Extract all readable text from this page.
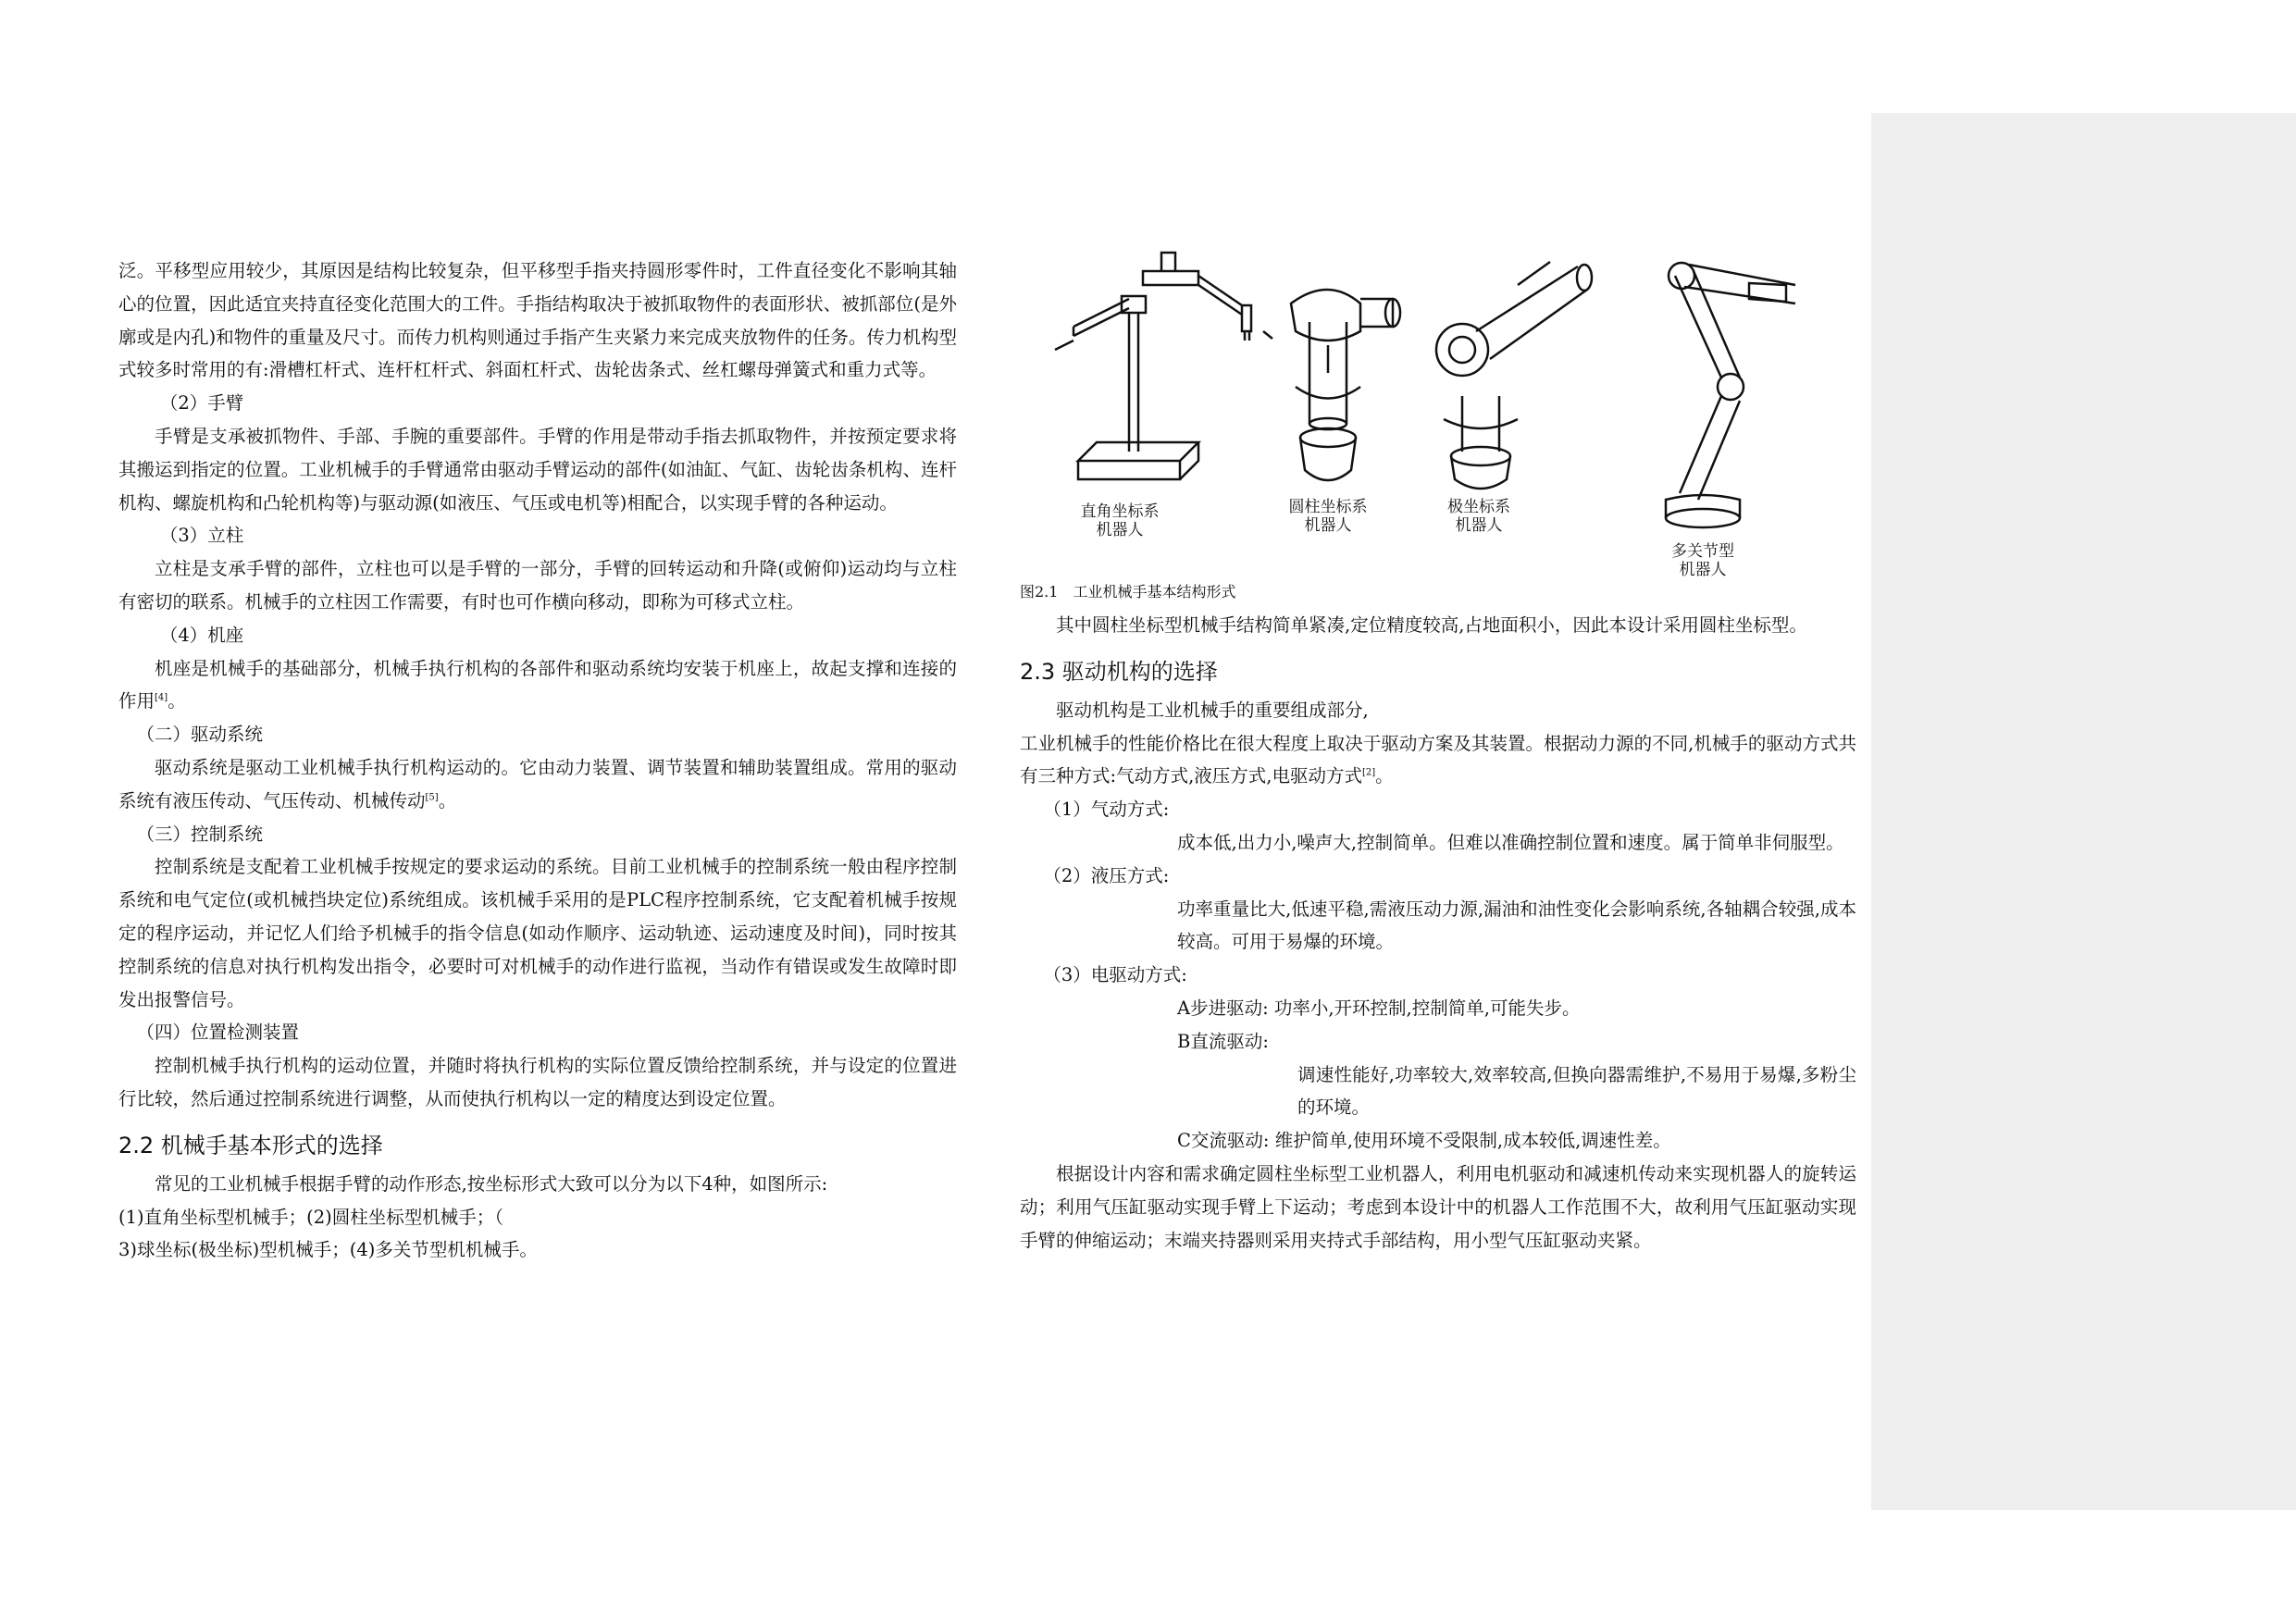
泛。平移型应用较少，其原因是结构比较复杂，但平移型手指夹持圆形零件时，工件直径变化不影响其轴心的位置，因此适宜夹持直径变化范围大的工件。手指结构取决于被抓取物件的表面形状、被抓部位(是外廓或是内孔)和物件的重量及尺寸。而传力机构则通过手指产生夹紧力来完成夹放物件的任务。传力机构型式较多时常用的有:滑槽杠杆式、连杆杠杆式、斜面杠杆式、齿轮齿条式、丝杠螺母弹簧式和重力式等。

（2）手臂

手臂是支承被抓物件、手部、手腕的重要部件。手臂的作用是带动手指去抓取物件，并按预定要求将其搬运到指定的位置。工业机械手的手臂通常由驱动手臂运动的部件(如油缸、气缸、齿轮齿条机构、连杆机构、螺旋机构和凸轮机构等)与驱动源(如液压、气压或电机等)相配合，以实现手臂的各种运动。

（3）立柱

立柱是支承手臂的部件，立柱也可以是手臂的一部分，手臂的回转运动和升降(或俯仰)运动均与立柱有密切的联系。机械手的立柱因工作需要，有时也可作横向移动，即称为可移式立柱。

（4）机座

机座是机械手的基础部分，机械手执行机构的各部件和驱动系统均安装于机座上，故起支撑和连接的作用[4]。

（二）驱动系统

驱动系统是驱动工业机械手执行机构运动的。它由动力装置、调节装置和辅助装置组成。常用的驱动系统有液压传动、气压传动、机械传动[5]。

（三）控制系统

控制系统是支配着工业机械手按规定的要求运动的系统。目前工业机械手的控制系统一般由程序控制系统和电气定位(或机械挡块定位)系统组成。该机械手采用的是PLC程序控制系统，它支配着机械手按规定的程序运动，并记忆人们给予机械手的指令信息(如动作顺序、运动轨迹、运动速度及时间)，同时按其控制系统的信息对执行机构发出指令，必要时可对机械手的动作进行监视，当动作有错误或发生故障时即发出报警信号。

（四）位置检测装置

控制机械手执行机构的运动位置，并随时将执行机构的实际位置反馈给控制系统，并与设定的位置进行比较，然后通过控制系统进行调整，从而使执行机构以一定的精度达到设定位置。

2.2 机械手基本形式的选择

常见的工业机械手根据手臂的动作形态,按坐标形式大致可以分为以下4种，如图所示:

(1)直角坐标型机械手；(2)圆柱坐标型机械手；（

3)球坐标(极坐标)型机械手；(4)多关节型机机械手。

直角坐标系
机器人
圆柱坐标系
机器人
极坐标系
机器人
多关节型
机器人
图2.1　工业机械手基本结构形式

其中圆柱坐标型机械手结构简单紧凑,定位精度较高,占地面积小，因此本设计采用圆柱坐标型。

2.3 驱动机构的选择

驱动机构是工业机械手的重要组成部分,

工业机械手的性能价格比在很大程度上取决于驱动方案及其装置。根据动力源的不同,机械手的驱动方式共有三种方式:气动方式,液压方式,电驱动方式[2]。

（1）气动方式:

成本低,出力小,噪声大,控制简单。但难以准确控制位置和速度。属于简单非伺服型。

（2）液压方式:

功率重量比大,低速平稳,需液压动力源,漏油和油性变化会影响系统,各轴耦合较强,成本较高。可用于易爆的环境。

（3）电驱动方式:

A步进驱动: 功率小,开环控制,控制简单,可能失步。

B直流驱动:

调速性能好,功率较大,效率较高,但换向器需维护,不易用于易爆,多粉尘的环境。

C交流驱动: 维护简单,使用环境不受限制,成本较低,调速性差。

根据设计内容和需求确定圆柱坐标型工业机器人，利用电机驱动和减速机传动来实现机器人的旋转运动；利用气压缸驱动实现手臂上下运动；考虑到本设计中的机器人工作范围不大，故利用气压缸驱动实现手臂的伸缩运动；末端夹持器则采用夹持式手部结构，用小型气压缸驱动夹紧。
